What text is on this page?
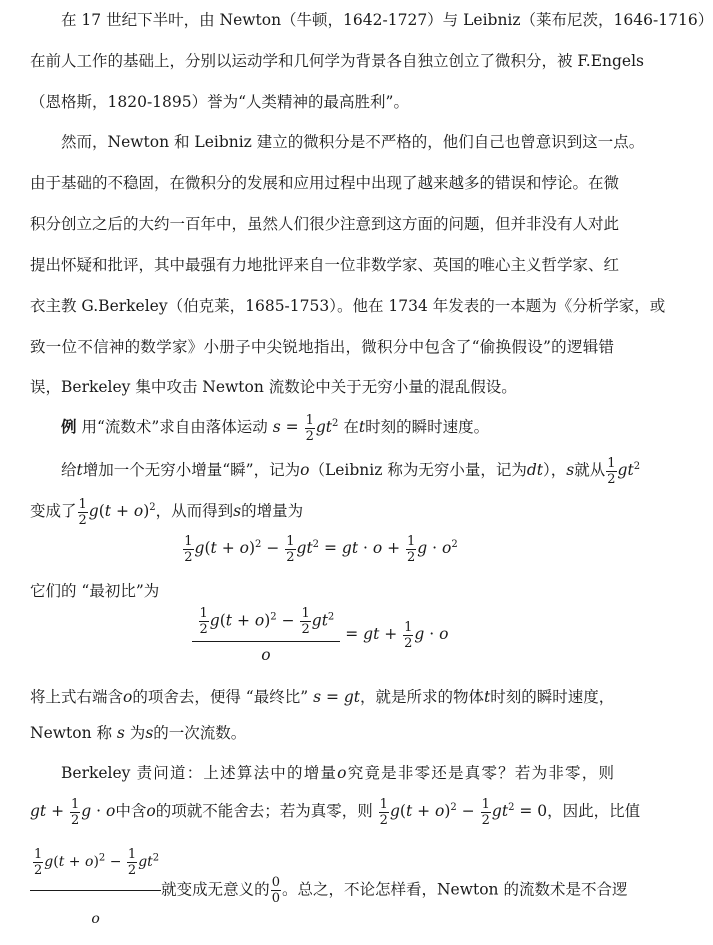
在 17 世纪下半叶，由 Newton（牛顿，1642-1727）与 Leibniz（莱布尼茨，1646-1716）
在前人工作的基础上，分别以运动学和几何学为背景各自独立创立了微积分，被 F.Engels
（恩格斯，1820-1895）誉为“人类精神的最高胜利”。
然而，Newton 和 Leibniz 建立的微积分是不严格的，他们自己也曾意识到这一点。
由于基础的不稳固，在微积分的发展和应用过程中出现了越来越多的错误和悖论。在微
积分创立之后的大约一百年中，虽然人们很少注意到这方面的问题，但并非没有人对此
提出怀疑和批评，其中最强有力地批评来自一位非数学家、英国的唯心主义哲学家、红
衣主教 G.Berkeley（伯克莱，1685-1753）。他在 1734 年发表的一本题为《分析学家，或
致一位不信神的数学家》小册子中尖锐地指出，微积分中包含了“偷换假设”的逻辑错
误，Berkeley 集中攻击 Newton 流数论中关于无穷小量的混乱假设。
例 用“流数术”求自由落体运动 $s = \frac{1}{2} gt^2$ 在t时刻的瞬时速度。
给t增加一个无穷小增量“瞬”，记为o（Leibniz 称为无穷小量，记为dt），s就从 $\frac{1}{2} gt^2$
变成了 $\frac{1}{2} g(t + o)^2$，从而得到s的增量为
$\frac{1}{2} g(t + o)^2 - \frac{1}{2} gt^2$ = gt · $o + \frac{1}{2}$ $g \cdot o^2$
它们的 “最初比”为
$\frac{\frac{1}{2} g(t + o)^2 - \frac{1}{2} gt^2}{o}$ = gt + $\frac{1}{2}$ g · o
将上式右端含o的项舍去，便得 “最终比” s = gt，就是所求的物体t时刻的瞬时速度，
Newton 称 s 为s的一次流数。
Berkeley 责问道：上述算法中的增量o究竟是非零还是真零？若为非零，则
gt + $\frac{1}{2}$ g · o中含o的项就不能舍去；若为真零，则 $\frac{1}{2} g(t + o)^2 - \frac{1}{2} gt^2 = 0$，因此，比值
$\frac{\frac{1}{2} g(t + o)^2 - \frac{1}{2} gt^2}{o}$ 就变成无意义的 $\frac{0}{0}$ 。总之，不论怎样看，Newton 的流数术是不合逻
